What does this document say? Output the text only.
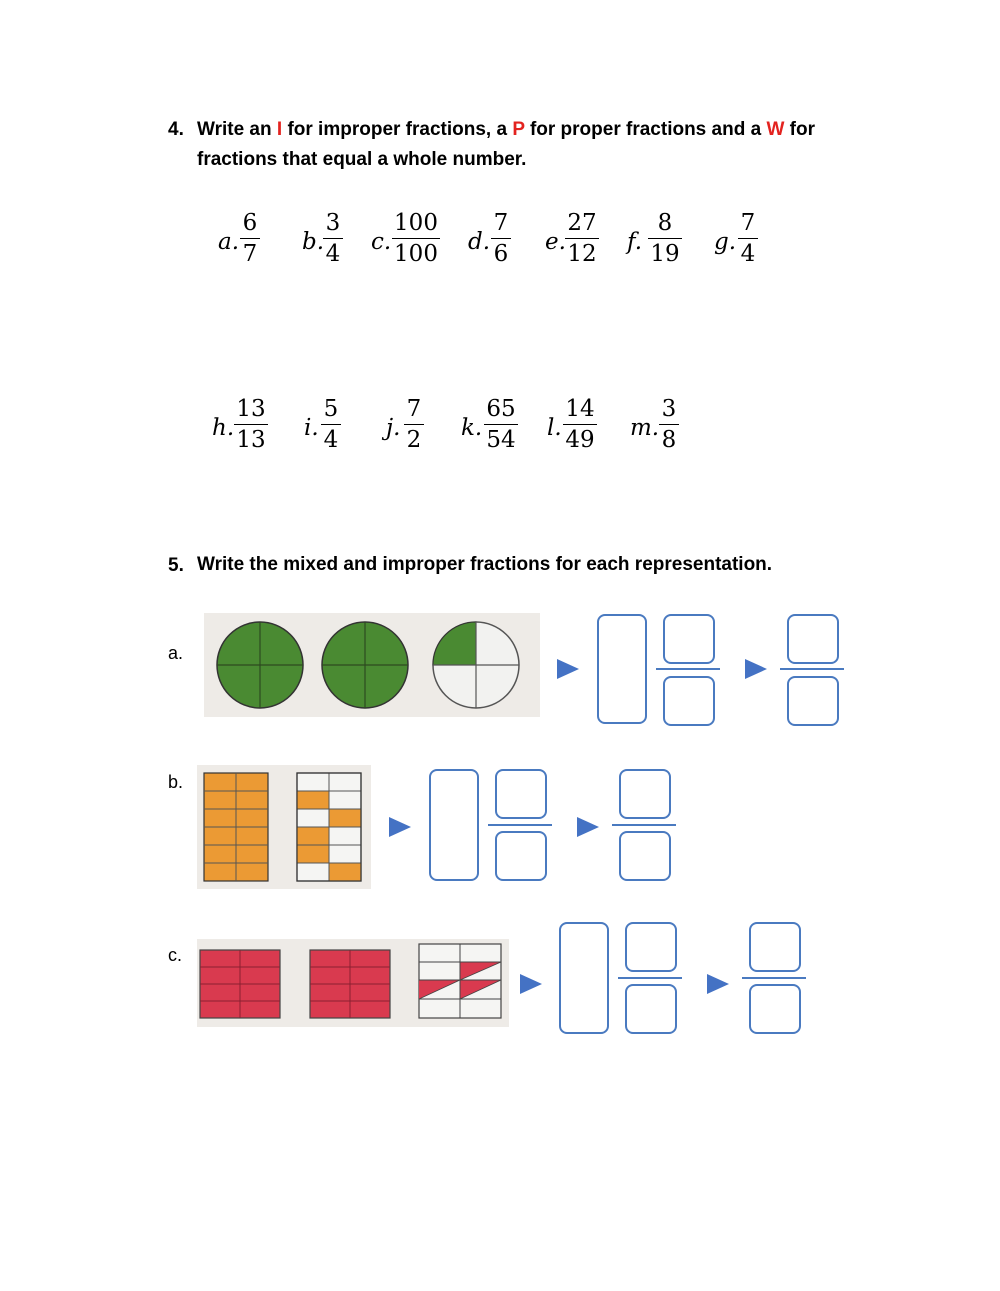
4. Write an I for improper fractions, a P for proper fractions and a W for
fractions that equal a whole number.
a.
6
7 b.
3
4 c.
100
100 d.
7
6 e.
27
12 f.
8
19 g.
7
4
h.
13
13 i.
5
4 j.
7
2 k.
65
54 l.
14
49 m.
3
8
5. Write the mixed and improper fractions for each representation.
a.
b.
c.
